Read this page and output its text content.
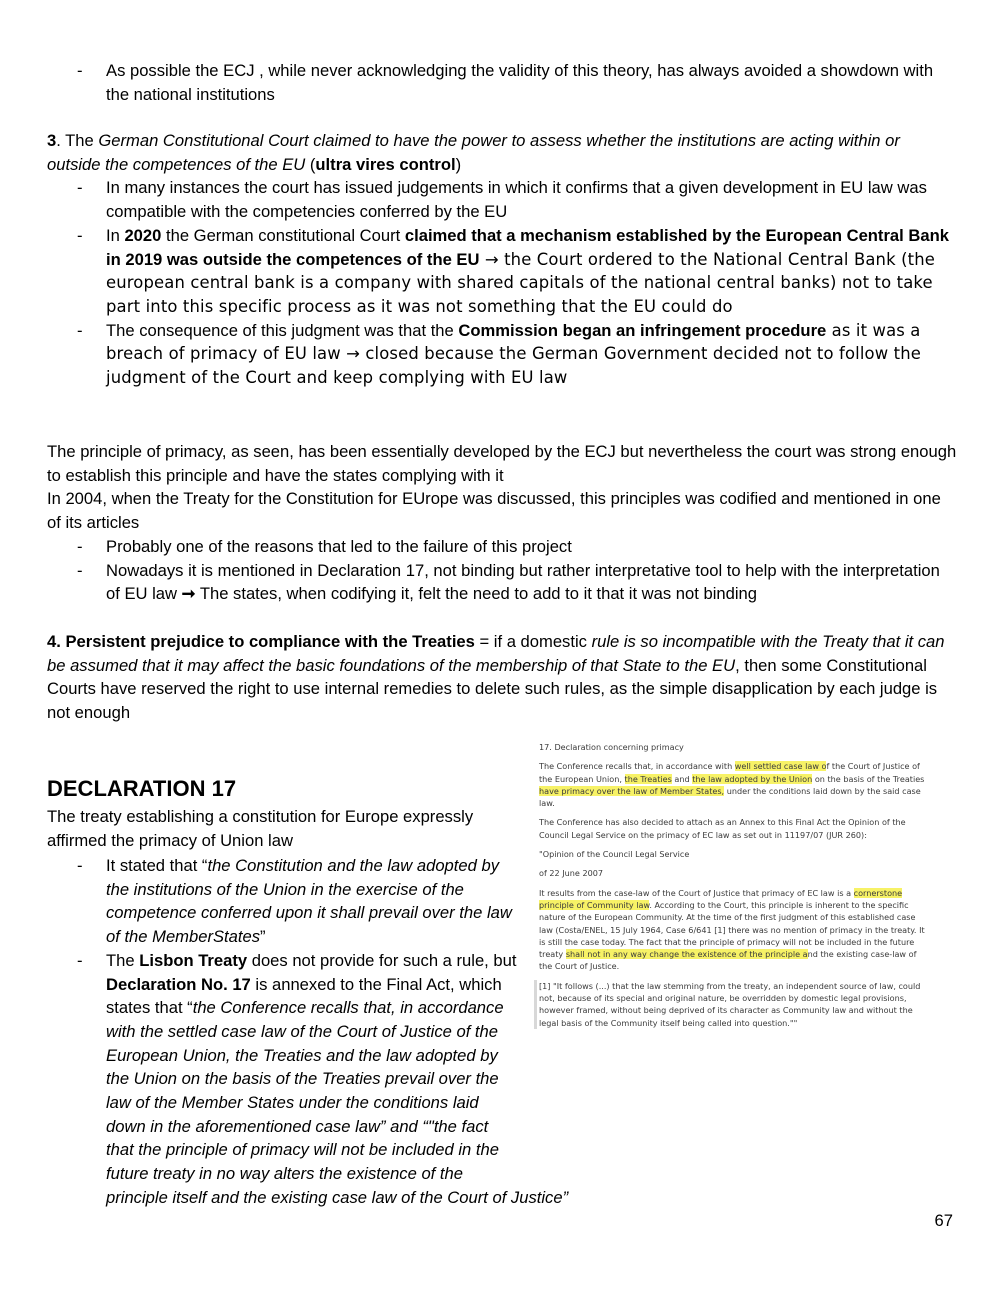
- As possible the ECJ , while never acknowledging the validity of this theory, has always avoided a showdown with the national institutions
3. The German Constitutional Court claimed to have the power to assess whether the institutions are acting within or outside the competences of the EU (ultra vires control)
- In many instances the court has issued judgements in which it confirms that a given development in EU law was compatible with the competencies conferred by the EU
- In 2020 the German constitutional Court claimed that a mechanism established by the European Central Bank in 2019 was outside the competences of the EU → the Court ordered to the National Central Bank (the european central bank is a company with shared capitals of the national central banks) not to take part into this specific process as it was not something that the EU could do
- The consequence of this judgment was that the Commission began an infringement procedure as it was a breach of primacy of EU law → closed because the German Government decided not to follow the judgment of the Court and keep complying with EU law
The principle of primacy, as seen, has been essentially developed by the ECJ but nevertheless the court was strong enough to establish this principle and have the states complying with it
In 2004, when the Treaty for the Constitution for EUrope was discussed, this principles was codified and mentioned in one of its articles
- Probably one of the reasons that led to the failure of this project
- Nowadays it is mentioned in Declaration 17, not binding but rather interpretative tool to help with the interpretation of EU law ➞ The states, when codifying it, felt the need to add to it that it was not binding
4. Persistent prejudice to compliance with the Treaties = if a domestic rule is so incompatible with the Treaty that it can be assumed that it may affect the basic foundations of the membership of that State to the EU, then some Constitutional Courts have reserved the right to use internal remedies to delete such rules, as the simple disapplication by each judge is not enough
DECLARATION 17
The treaty establishing a constitution for Europe expressly affirmed the primacy of Union law
- It stated that “the Constitution and the law adopted by the institutions of the Union in the exercise of the competence conferred upon it shall prevail over the law of the MemberStates”
- The Lisbon Treaty does not provide for such a rule, but Declaration No. 17 is annexed to the Final Act, which states that “the Conference recalls that, in accordance with the settled case law of the Court of Justice of the European Union, the Treaties and the law adopted by the Union on the basis of the Treaties prevail over the law of the Member States under the conditions laid down in the aforementioned case law” and “"the fact that the principle of primacy will not be included in the future treaty in no way alters the existence of the principle itself and the existing case law of the Court of Justice”

17. Declaration concerning primacy

The Conference recalls that, in accordance with well settled case law of the Court of Justice of the European Union, the Treaties and the law adopted by the Union on the basis of the Treaties have primacy over the law of Member States, under the conditions laid down by the said case law.

The Conference has also decided to attach as an Annex to this Final Act the Opinion of the Council Legal Service on the primacy of EC law as set out in 11197/07 (JUR 260):

"Opinion of the Council Legal Service

of 22 June 2007

It results from the case-law of the Court of Justice that primacy of EC law is a cornerstone principle of Community law. According to the Court, this principle is inherent to the specific nature of the European Community. At the time of the first judgment of this established case law (Costa/ENEL, 15 July 1964, Case 6/641 [1] there was no mention of primacy in the treaty. It is still the case today. The fact that the principle of primacy will not be included in the future treaty shall not in any way change the existence of the principle and the existing case-law of the Court of Justice.

[1] "It follows (...) that the law stemming from the treaty, an independent source of law, could not, because of its special and original nature, be overridden by domestic legal provisions, however framed, without being deprived of its character as Community law and without the legal basis of the Community itself being called into question.""

67
